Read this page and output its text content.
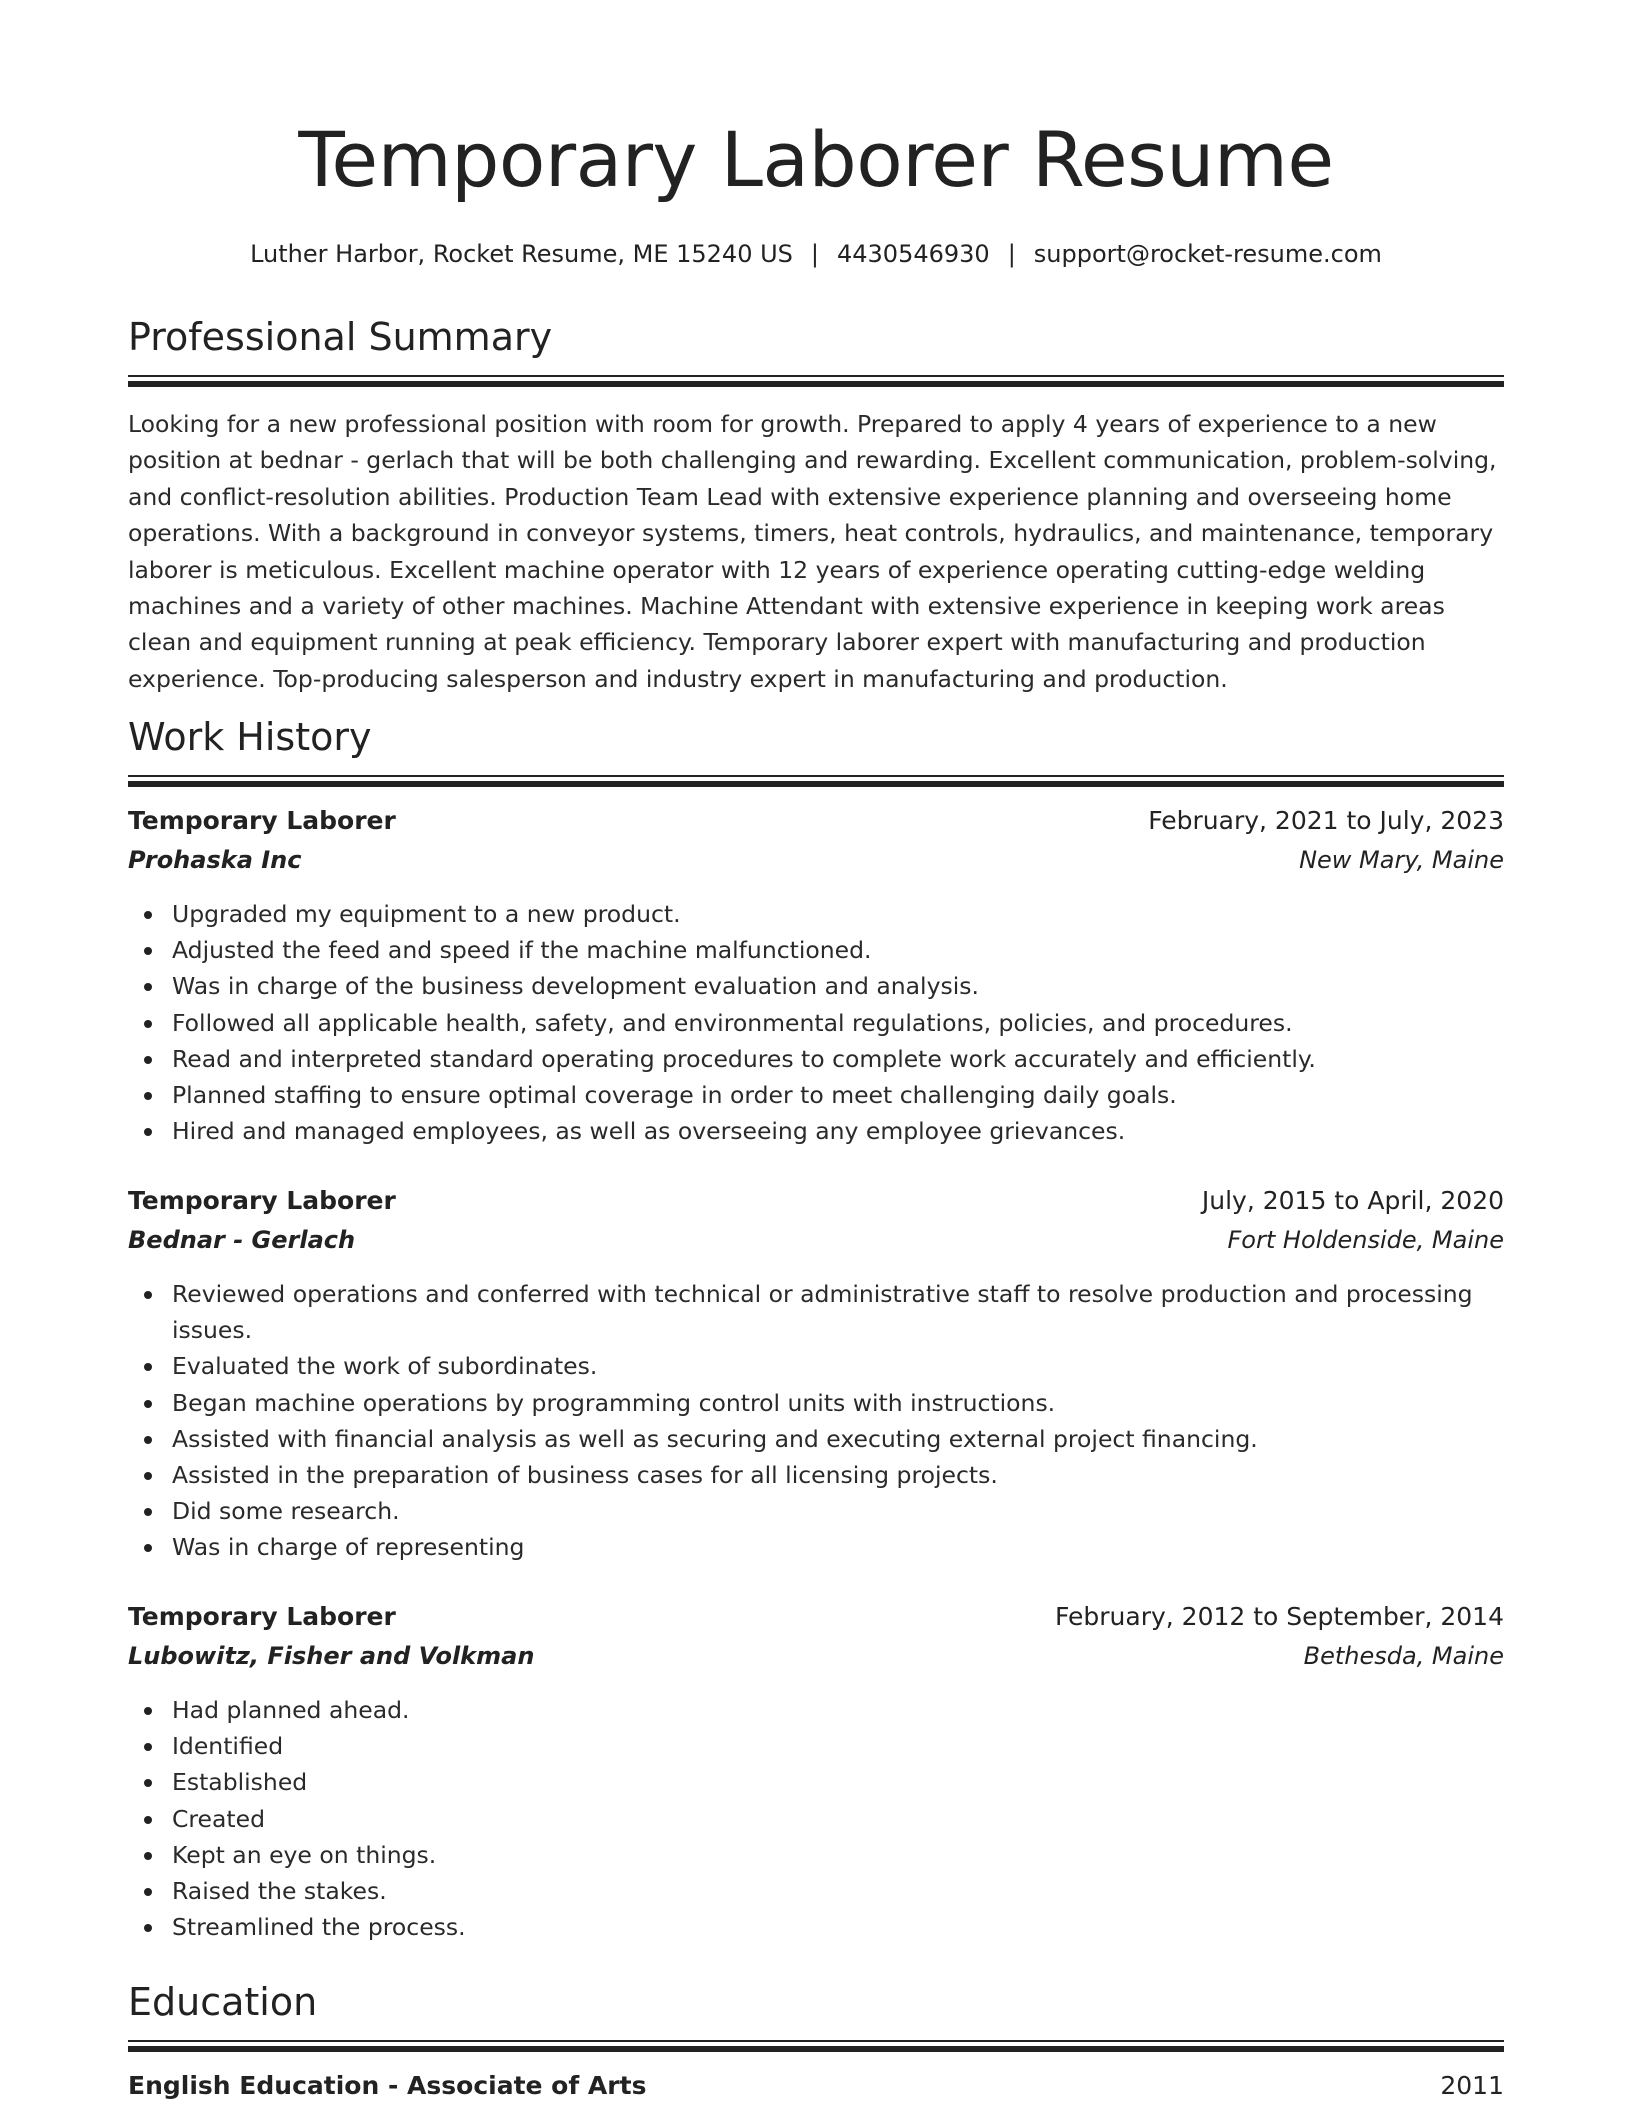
Temporary Laborer Resume
Luther Harbor, Rocket Resume, ME 15240 US | 4430546930 | support@rocket-resume.com
Professional Summary

Looking for a new professional position with room for growth. Prepared to apply 4 years of experience to a new position at bednar - gerlach that will be both challenging and rewarding. Excellent communication, problem-solving, and conflict-resolution abilities. Production Team Lead with extensive experience planning and overseeing home operations. With a background in conveyor systems, timers, heat controls, hydraulics, and maintenance, temporary laborer is meticulous. Excellent machine operator with 12 years of experience operating cutting-edge welding machines and a variety of other machines. Machine Attendant with extensive experience in keeping work areas clean and equipment running at peak efficiency. Temporary laborer expert with manufacturing and production experience. Top-producing salesperson and industry expert in manufacturing and production.

Work History
Temporary Laborer	February, 2021 to July, 2023
Prohaska Inc	New Mary, Maine
Upgraded my equipment to a new product.
Adjusted the feed and speed if the machine malfunctioned.
Was in charge of the business development evaluation and analysis.
Followed all applicable health, safety, and environmental regulations, policies, and procedures.
Read and interpreted standard operating procedures to complete work accurately and efficiently.
Planned staffing to ensure optimal coverage in order to meet challenging daily goals.
Hired and managed employees, as well as overseeing any employee grievances.
Temporary Laborer	July, 2015 to April, 2020
Bednar - Gerlach	Fort Holdenside, Maine
Reviewed operations and conferred with technical or administrative staff to resolve production and processing issues.
Evaluated the work of subordinates.
Began machine operations by programming control units with instructions.
Assisted with financial analysis as well as securing and executing external project financing.
Assisted in the preparation of business cases for all licensing projects.
Did some research.
Was in charge of representing
Temporary Laborer	February, 2012 to September, 2014
Lubowitz, Fisher and Volkman	Bethesda, Maine
Had planned ahead.
Identified
Established
Created
Kept an eye on things.
Raised the stakes.
Streamlined the process.
Education
English Education - Associate of Arts	2011
